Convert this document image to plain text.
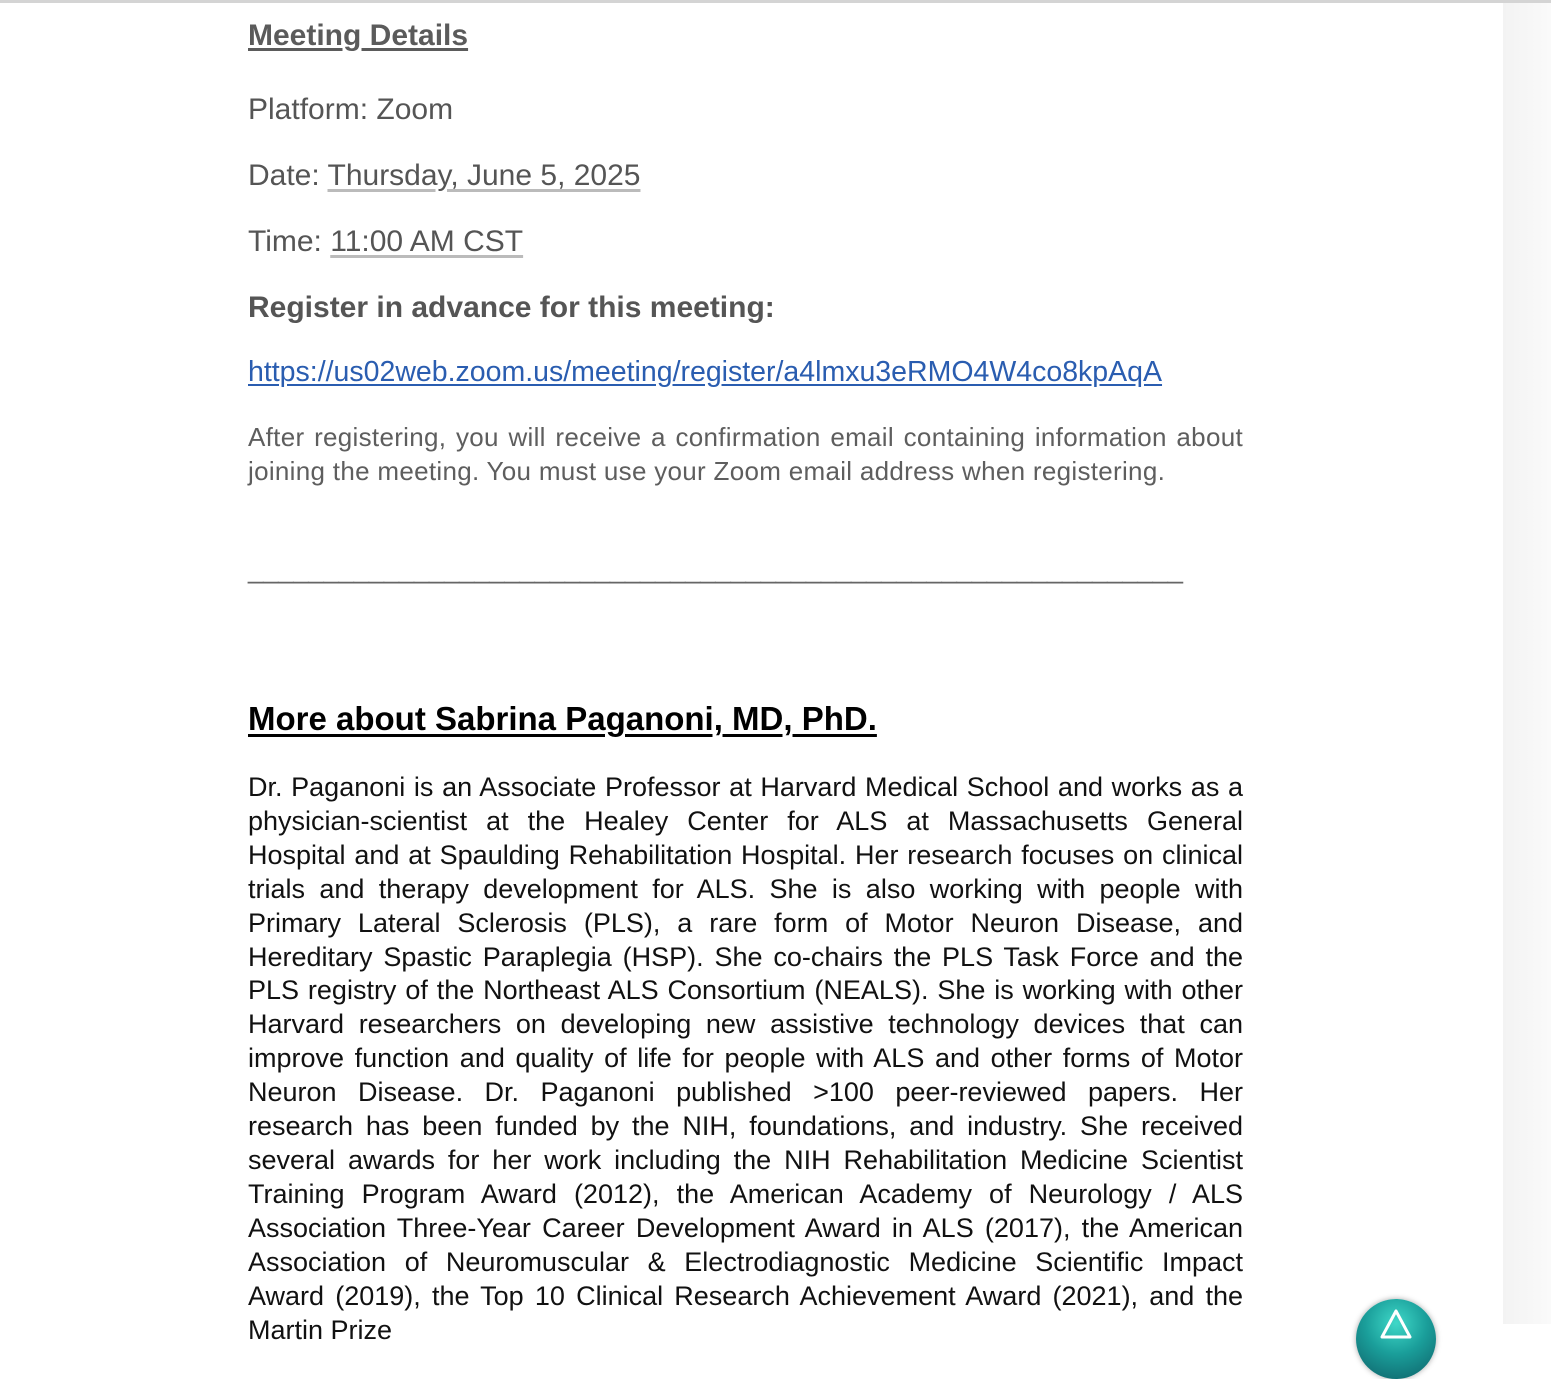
Meeting Details

Platform: Zoom

Date: Thursday, June 5, 2025

Time: 11:00 AM CST

Register in advance for this meeting:

https://us02web.zoom.us/meeting/register/a4lmxu3eRMO4W4co8kpAqA

After registering, you will receive a confirmation email containing information about joining the meeting. You must use your Zoom email address when registering.

______________________________________________________________

More about Sabrina Paganoni, MD, PhD.

Dr. Paganoni is an Associate Professor at Harvard Medical School and works as a physician-scientist at the Healey Center for ALS at Massachusetts General Hospital and at Spaulding Rehabilitation Hospital. Her research focuses on clinical trials and therapy development for ALS. She is also working with people with Primary Lateral Sclerosis (PLS), a rare form of Motor Neuron Disease, and Hereditary Spastic Paraplegia (HSP). She co-chairs the PLS Task Force and the PLS registry of the Northeast ALS Consortium (NEALS). She is working with other Harvard researchers on developing new assistive technology devices that can improve function and quality of life for people with ALS and other forms of Motor Neuron Disease. Dr. Paganoni published >100 peer-reviewed papers. Her research has been funded by the NIH, foundations, and industry. She received several awards for her work including the NIH Rehabilitation Medicine Scientist Training Program Award (2012), the American Academy of Neurology / ALS Association Three-Year Career Development Award in ALS (2017), the American Association of Neuromuscular & Electrodiagnostic Medicine Scientific Impact Award (2019), the Top 10 Clinical Research Achievement Award (2021), and the Martin Prize
